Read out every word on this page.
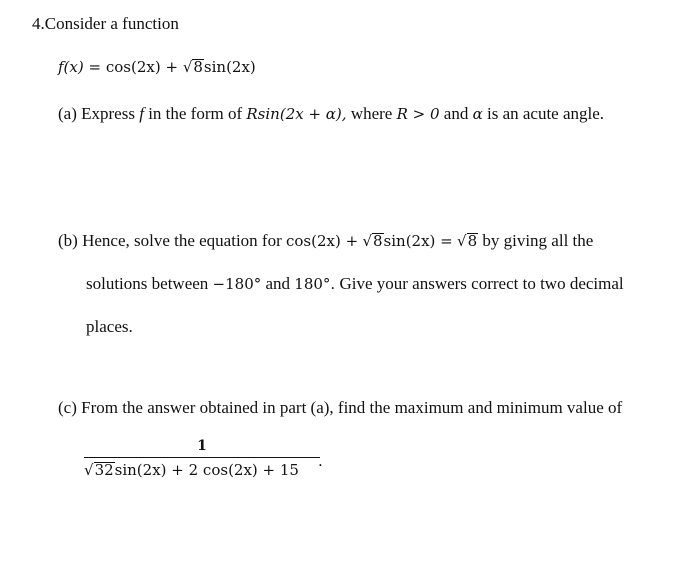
4.Consider a function
f(x) = cos(2x) + √8sin(2x)
(a) Express f in the form of Rsin(2x + α), where R > 0 and α is an acute angle.
(b) Hence, solve the equation for cos(2x) + √8sin(2x) = √8 by giving all the
solutions between −180° and 180°. Give your answers correct to two decimal
places.
(c) From the answer obtained in part (a), find the maximum and minimum value of
1
√32sin(2x) + 2 cos(2x) + 15
.
